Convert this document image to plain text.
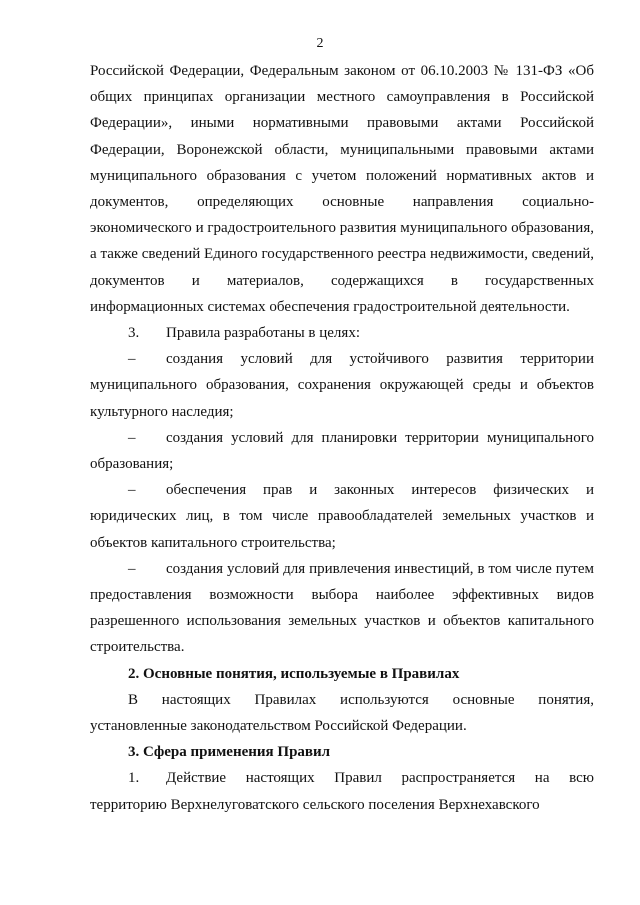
2

Российской Федерации, Федеральным законом от 06.10.2003 № 131-ФЗ «Об общих принципах организации местного самоуправления в Российской Федерации», иными нормативными правовыми актами Российской Федерации, Воронежской области, муниципальными правовыми актами муниципального образования с учетом положений нормативных актов и документов, определяющих основные направления социально-экономического и градостроительного развития муниципального образования, а также сведений Единого государственного реестра недвижимости, сведений, документов и материалов, содержащихся в государственных информационных системах обеспечения градостроительной деятельности.

3. Правила разработаны в целях:

– создания условий для устойчивого развития территории муниципального образования, сохранения окружающей среды и объектов культурного наследия;

– создания условий для планировки территории муниципального образования;

– обеспечения прав и законных интересов физических и юридических лиц, в том числе правообладателей земельных участков и объектов капитального строительства;

– создания условий для привлечения инвестиций, в том числе путем предоставления возможности выбора наиболее эффективных видов разрешенного использования земельных участков и объектов капитального строительства.

2. Основные понятия, используемые в Правилах

В настоящих Правилах используются основные понятия, установленные законодательством Российской Федерации.

3. Сфера применения Правил

1. Действие настоящих Правил распространяется на всю территорию Верхнелуговатского сельского поселения Верхнехавского
